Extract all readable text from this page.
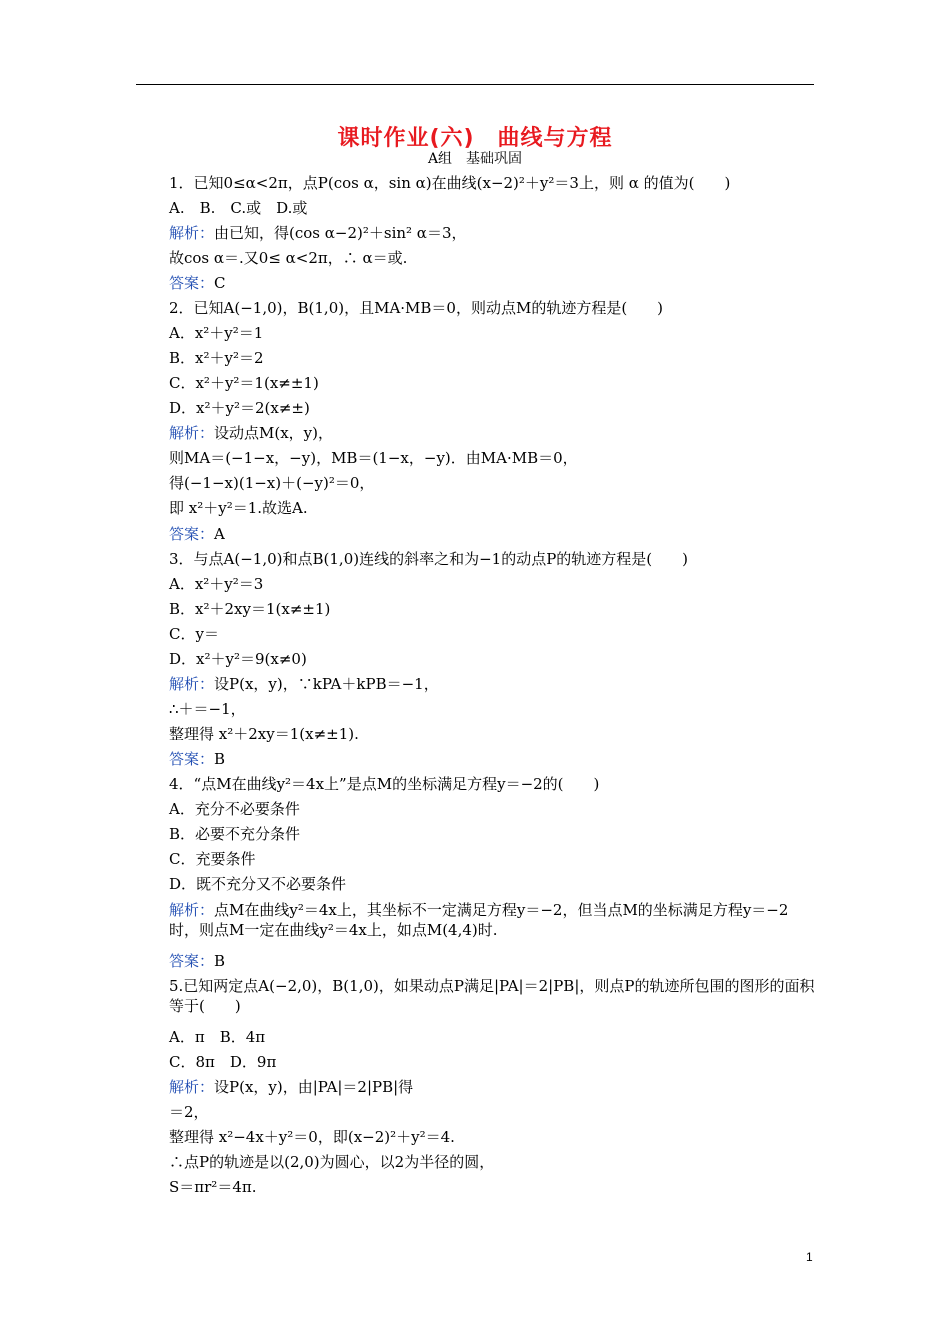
课时作业(六)　曲线与方程
A组　基础巩固
1．已知0≤α<2π，点P(cos α，sin α)在曲线(x−2)²＋y²＝3上，则 α 的值为(　　)
A.　B.　C.或　D.或
解析：由已知，得(cos α−2)²＋sin² α＝3，
故cos α＝.又0≤ α<2π，∴ α＝或.
答案：C
2．已知A(−1,0)，B(1,0)，且MA·MB＝0，则动点M的轨迹方程是(　　)
A．x²＋y²＝1
B．x²＋y²＝2
C．x²＋y²＝1(x≠±1)
D．x²＋y²＝2(x≠±)
解析：设动点M(x，y)，
则MA＝(−1−x，−y)，MB＝(1−x，−y)．由MA·MB＝0，
得(−1−x)(1−x)＋(−y)²＝0，
即 x²＋y²＝1.故选A.
答案：A
3．与点A(−1,0)和点B(1,0)连线的斜率之和为−1的动点P的轨迹方程是(　　)
A．x²＋y²＝3
B．x²＋2xy＝1(x≠±1)
C．y＝
D．x²＋y²＝9(x≠0)
解析：设P(x，y)，∵kPA＋kPB＝−1，
∴＋＝−1，
整理得 x²＋2xy＝1(x≠±1).
答案：B
4．“点M在曲线y²＝4x上”是点M的坐标满足方程y＝−2的(　　)
A．充分不必要条件
B．必要不充分条件
C．充要条件
D．既不充分又不必要条件
解析：点M在曲线y²＝4x上，其坐标不一定满足方程y＝−2，但当点M的坐标满足方程y＝−2时，则点M一定在曲线y²＝4x上，如点M(4,4)时.
答案：B
5.已知两定点A(−2,0)，B(1,0)，如果动点P满足|PA|＝2|PB|，则点P的轨迹所包围的图形的面积等于(　　)
A．π　B．4π
C．8π　D．9π
解析：设P(x，y)，由|PA|＝2|PB|得
＝2，
整理得 x²−4x＋y²＝0，即(x−2)²＋y²＝4.
∴点P的轨迹是以(2,0)为圆心，以2为半径的圆，
S＝πr²＝4π.
1
